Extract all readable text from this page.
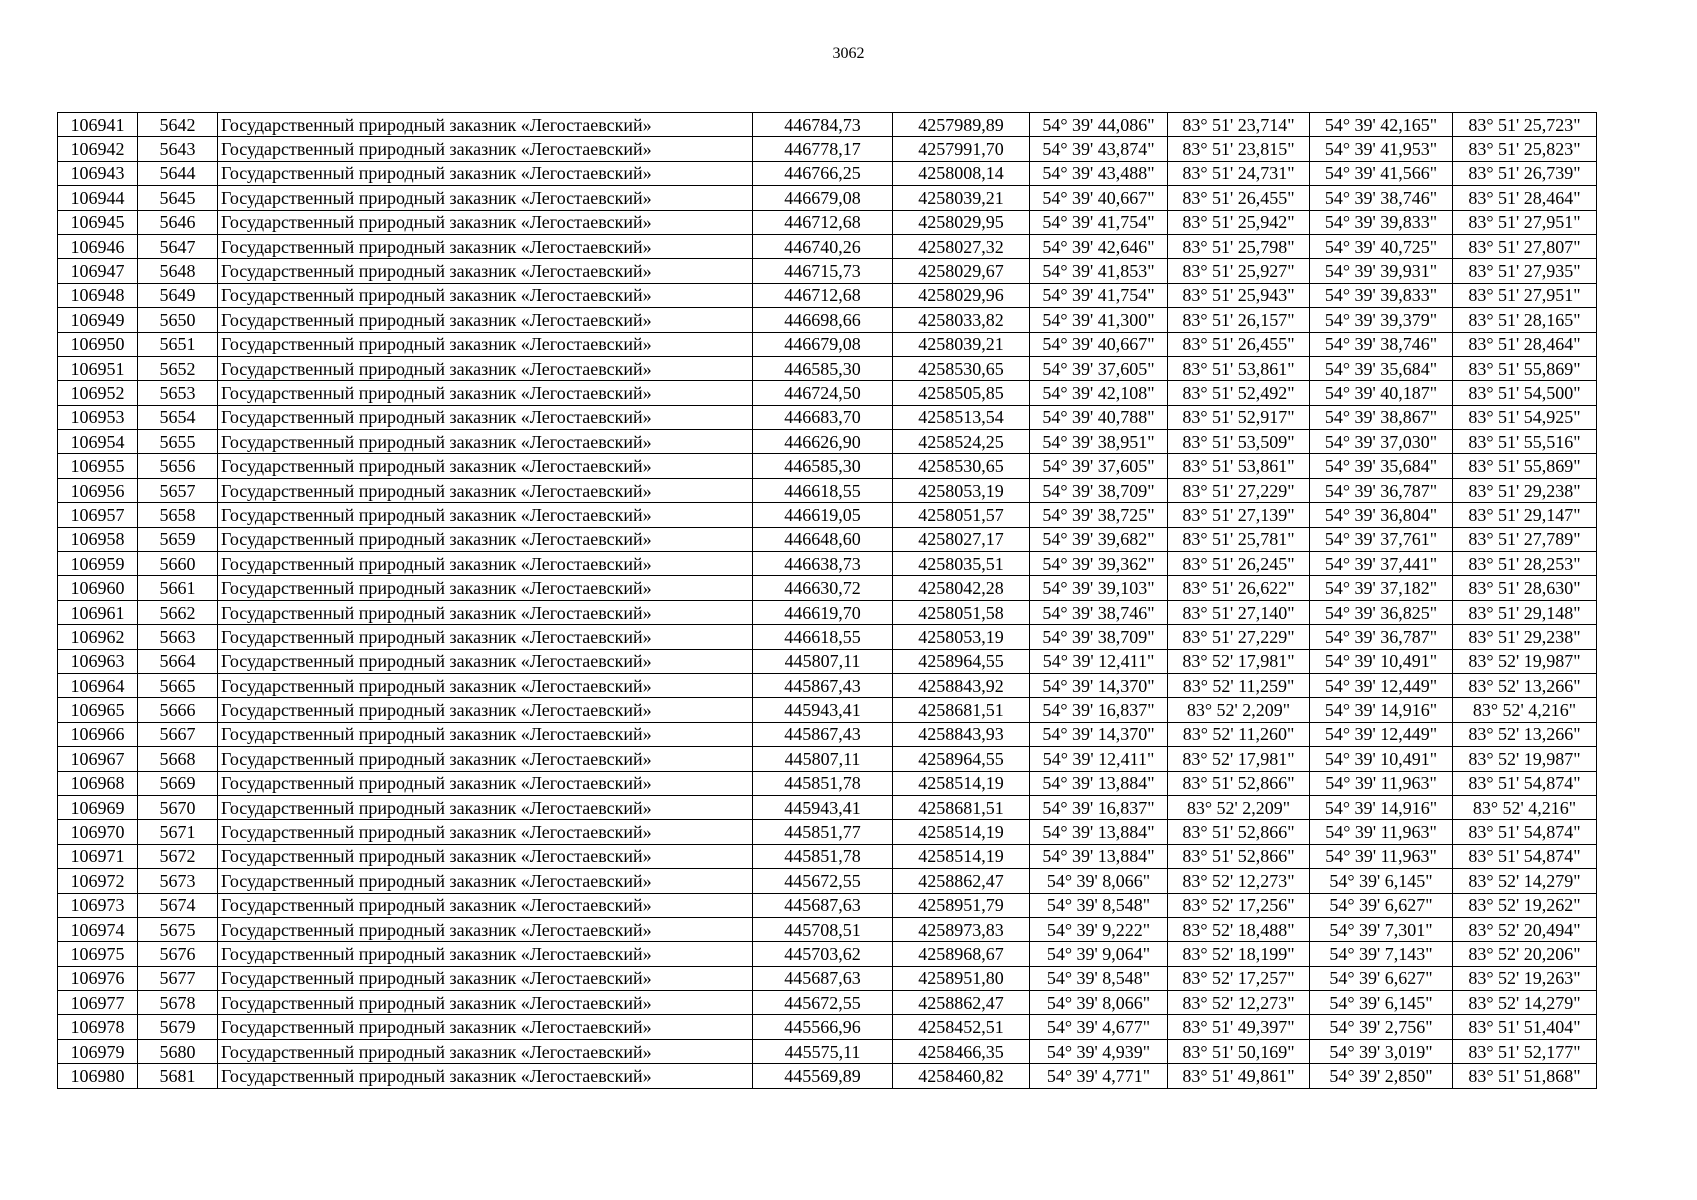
3062
106941	5642	Государственный природный заказник «Легостаевский»	446784,73	4257989,89	54° 39' 44,086"	83° 51' 23,714"	54° 39' 42,165"	83° 51' 25,723"
106942	5643	Государственный природный заказник «Легостаевский»	446778,17	4257991,70	54° 39' 43,874"	83° 51' 23,815"	54° 39' 41,953"	83° 51' 25,823"
106943	5644	Государственный природный заказник «Легостаевский»	446766,25	4258008,14	54° 39' 43,488"	83° 51' 24,731"	54° 39' 41,566"	83° 51' 26,739"
106944	5645	Государственный природный заказник «Легостаевский»	446679,08	4258039,21	54° 39' 40,667"	83° 51' 26,455"	54° 39' 38,746"	83° 51' 28,464"
106945	5646	Государственный природный заказник «Легостаевский»	446712,68	4258029,95	54° 39' 41,754"	83° 51' 25,942"	54° 39' 39,833"	83° 51' 27,951"
106946	5647	Государственный природный заказник «Легостаевский»	446740,26	4258027,32	54° 39' 42,646"	83° 51' 25,798"	54° 39' 40,725"	83° 51' 27,807"
106947	5648	Государственный природный заказник «Легостаевский»	446715,73	4258029,67	54° 39' 41,853"	83° 51' 25,927"	54° 39' 39,931"	83° 51' 27,935"
106948	5649	Государственный природный заказник «Легостаевский»	446712,68	4258029,96	54° 39' 41,754"	83° 51' 25,943"	54° 39' 39,833"	83° 51' 27,951"
106949	5650	Государственный природный заказник «Легостаевский»	446698,66	4258033,82	54° 39' 41,300"	83° 51' 26,157"	54° 39' 39,379"	83° 51' 28,165"
106950	5651	Государственный природный заказник «Легостаевский»	446679,08	4258039,21	54° 39' 40,667"	83° 51' 26,455"	54° 39' 38,746"	83° 51' 28,464"
106951	5652	Государственный природный заказник «Легостаевский»	446585,30	4258530,65	54° 39' 37,605"	83° 51' 53,861"	54° 39' 35,684"	83° 51' 55,869"
106952	5653	Государственный природный заказник «Легостаевский»	446724,50	4258505,85	54° 39' 42,108"	83° 51' 52,492"	54° 39' 40,187"	83° 51' 54,500"
106953	5654	Государственный природный заказник «Легостаевский»	446683,70	4258513,54	54° 39' 40,788"	83° 51' 52,917"	54° 39' 38,867"	83° 51' 54,925"
106954	5655	Государственный природный заказник «Легостаевский»	446626,90	4258524,25	54° 39' 38,951"	83° 51' 53,509"	54° 39' 37,030"	83° 51' 55,516"
106955	5656	Государственный природный заказник «Легостаевский»	446585,30	4258530,65	54° 39' 37,605"	83° 51' 53,861"	54° 39' 35,684"	83° 51' 55,869"
106956	5657	Государственный природный заказник «Легостаевский»	446618,55	4258053,19	54° 39' 38,709"	83° 51' 27,229"	54° 39' 36,787"	83° 51' 29,238"
106957	5658	Государственный природный заказник «Легостаевский»	446619,05	4258051,57	54° 39' 38,725"	83° 51' 27,139"	54° 39' 36,804"	83° 51' 29,147"
106958	5659	Государственный природный заказник «Легостаевский»	446648,60	4258027,17	54° 39' 39,682"	83° 51' 25,781"	54° 39' 37,761"	83° 51' 27,789"
106959	5660	Государственный природный заказник «Легостаевский»	446638,73	4258035,51	54° 39' 39,362"	83° 51' 26,245"	54° 39' 37,441"	83° 51' 28,253"
106960	5661	Государственный природный заказник «Легостаевский»	446630,72	4258042,28	54° 39' 39,103"	83° 51' 26,622"	54° 39' 37,182"	83° 51' 28,630"
106961	5662	Государственный природный заказник «Легостаевский»	446619,70	4258051,58	54° 39' 38,746"	83° 51' 27,140"	54° 39' 36,825"	83° 51' 29,148"
106962	5663	Государственный природный заказник «Легостаевский»	446618,55	4258053,19	54° 39' 38,709"	83° 51' 27,229"	54° 39' 36,787"	83° 51' 29,238"
106963	5664	Государственный природный заказник «Легостаевский»	445807,11	4258964,55	54° 39' 12,411"	83° 52' 17,981"	54° 39' 10,491"	83° 52' 19,987"
106964	5665	Государственный природный заказник «Легостаевский»	445867,43	4258843,92	54° 39' 14,370"	83° 52' 11,259"	54° 39' 12,449"	83° 52' 13,266"
106965	5666	Государственный природный заказник «Легостаевский»	445943,41	4258681,51	54° 39' 16,837"	83° 52' 2,209"	54° 39' 14,916"	83° 52' 4,216"
106966	5667	Государственный природный заказник «Легостаевский»	445867,43	4258843,93	54° 39' 14,370"	83° 52' 11,260"	54° 39' 12,449"	83° 52' 13,266"
106967	5668	Государственный природный заказник «Легостаевский»	445807,11	4258964,55	54° 39' 12,411"	83° 52' 17,981"	54° 39' 10,491"	83° 52' 19,987"
106968	5669	Государственный природный заказник «Легостаевский»	445851,78	4258514,19	54° 39' 13,884"	83° 51' 52,866"	54° 39' 11,963"	83° 51' 54,874"
106969	5670	Государственный природный заказник «Легостаевский»	445943,41	4258681,51	54° 39' 16,837"	83° 52' 2,209"	54° 39' 14,916"	83° 52' 4,216"
106970	5671	Государственный природный заказник «Легостаевский»	445851,77	4258514,19	54° 39' 13,884"	83° 51' 52,866"	54° 39' 11,963"	83° 51' 54,874"
106971	5672	Государственный природный заказник «Легостаевский»	445851,78	4258514,19	54° 39' 13,884"	83° 51' 52,866"	54° 39' 11,963"	83° 51' 54,874"
106972	5673	Государственный природный заказник «Легостаевский»	445672,55	4258862,47	54° 39' 8,066"	83° 52' 12,273"	54° 39' 6,145"	83° 52' 14,279"
106973	5674	Государственный природный заказник «Легостаевский»	445687,63	4258951,79	54° 39' 8,548"	83° 52' 17,256"	54° 39' 6,627"	83° 52' 19,262"
106974	5675	Государственный природный заказник «Легостаевский»	445708,51	4258973,83	54° 39' 9,222"	83° 52' 18,488"	54° 39' 7,301"	83° 52' 20,494"
106975	5676	Государственный природный заказник «Легостаевский»	445703,62	4258968,67	54° 39' 9,064"	83° 52' 18,199"	54° 39' 7,143"	83° 52' 20,206"
106976	5677	Государственный природный заказник «Легостаевский»	445687,63	4258951,80	54° 39' 8,548"	83° 52' 17,257"	54° 39' 6,627"	83° 52' 19,263"
106977	5678	Государственный природный заказник «Легостаевский»	445672,55	4258862,47	54° 39' 8,066"	83° 52' 12,273"	54° 39' 6,145"	83° 52' 14,279"
106978	5679	Государственный природный заказник «Легостаевский»	445566,96	4258452,51	54° 39' 4,677"	83° 51' 49,397"	54° 39' 2,756"	83° 51' 51,404"
106979	5680	Государственный природный заказник «Легостаевский»	445575,11	4258466,35	54° 39' 4,939"	83° 51' 50,169"	54° 39' 3,019"	83° 51' 52,177"
106980	5681	Государственный природный заказник «Легостаевский»	445569,89	4258460,82	54° 39' 4,771"	83° 51' 49,861"	54° 39' 2,850"	83° 51' 51,868"
